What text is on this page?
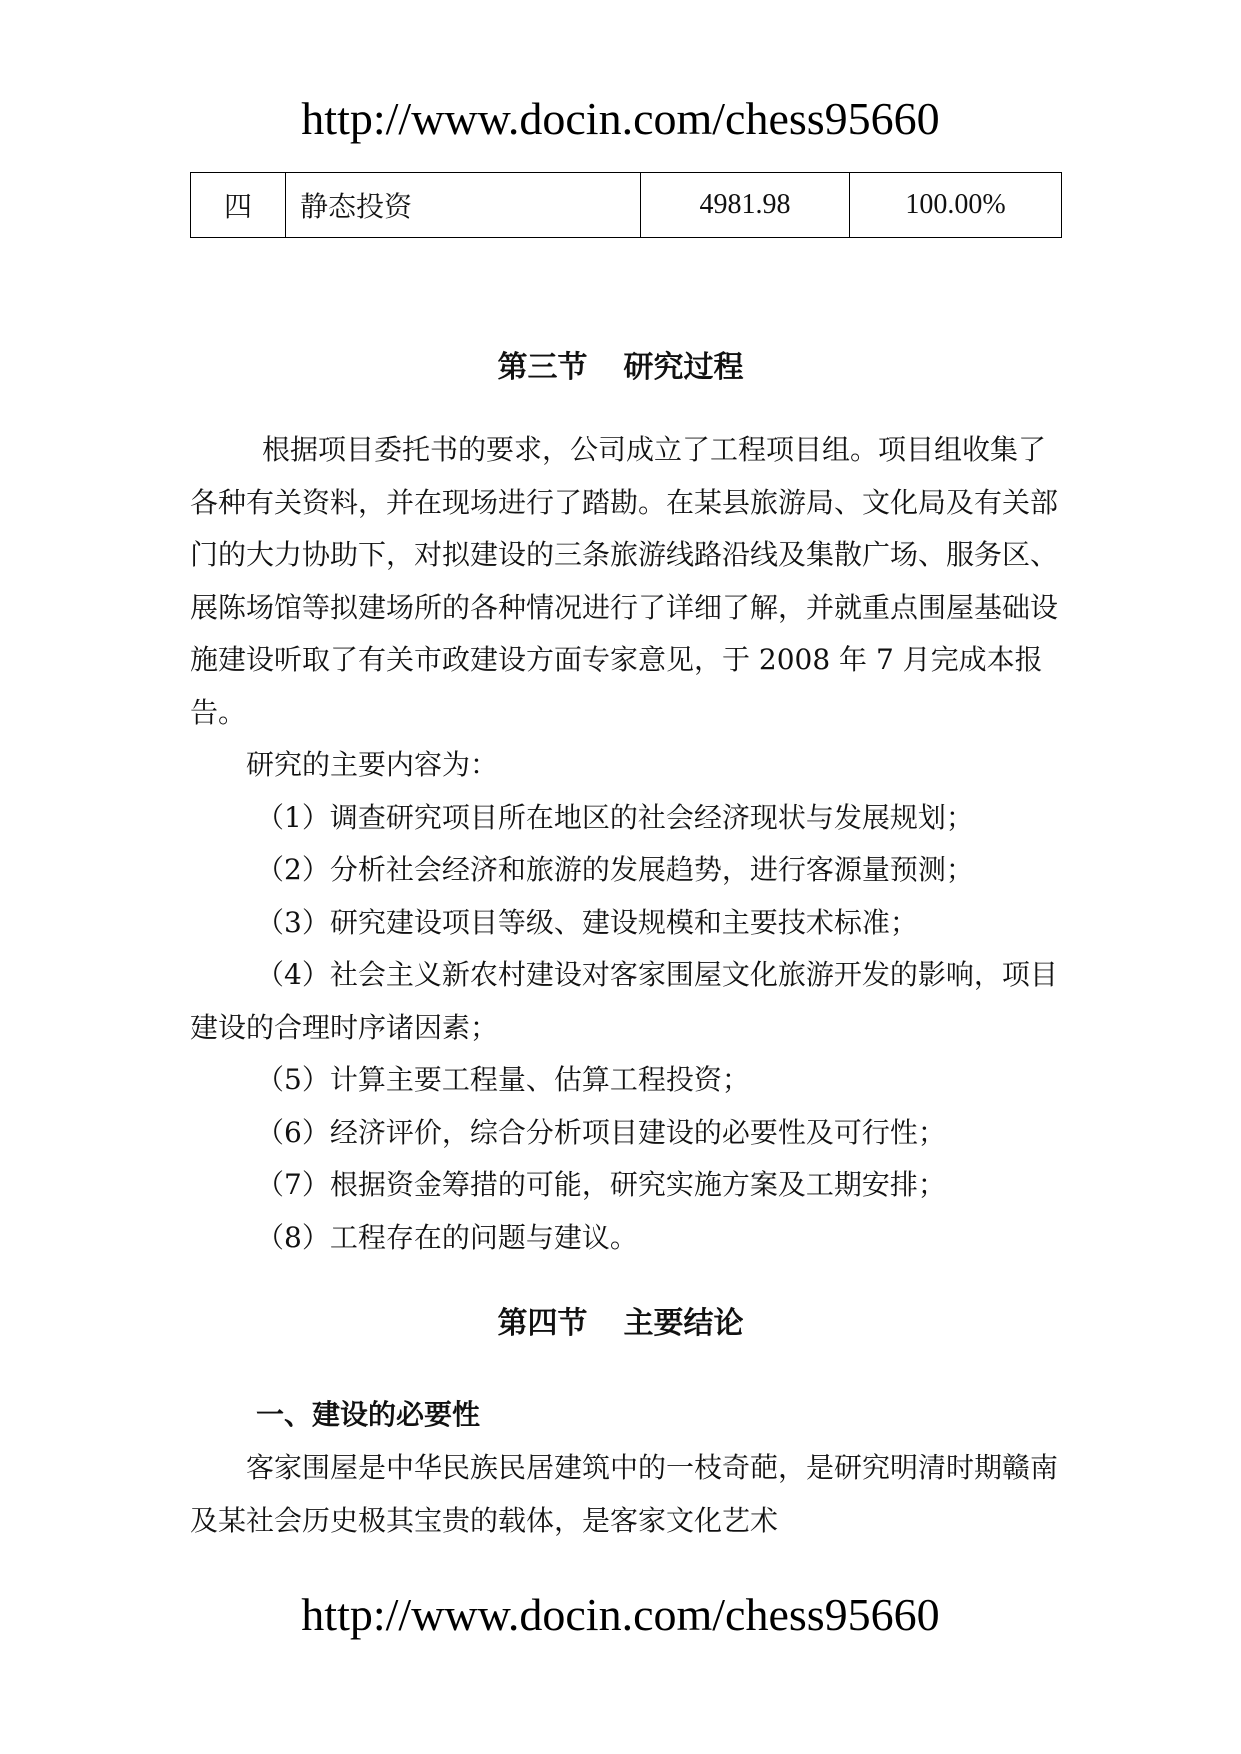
http://www.docin.com/chess95660
四	静态投资	4981.98	100.00%
第三节 研究过程

根据项目委托书的要求，公司成立了工程项目组。项目组收集了各种有关资料，并在现场进行了踏勘。在某县旅游局、文化局及有关部门的大力协助下，对拟建设的三条旅游线路沿线及集散广场、服务区、展陈场馆等拟建场所的各种情况进行了详细了解，并就重点围屋基础设施建设听取了有关市政建设方面专家意见，于 2008 年 7 月完成本报告。

研究的主要内容为：

（1）调查研究项目所在地区的社会经济现状与发展规划；

（2）分析社会经济和旅游的发展趋势，进行客源量预测；

（3）研究建设项目等级、建设规模和主要技术标准；

（4）社会主义新农村建设对客家围屋文化旅游开发的影响，项目建设的合理时序诸因素；

（5）计算主要工程量、估算工程投资；

（6）经济评价，综合分析项目建设的必要性及可行性；

（7）根据资金筹措的可能，研究实施方案及工期安排；

（8）工程存在的问题与建议。

第四节 主要结论
一、建设的必要性

客家围屋是中华民族民居建筑中的一枝奇葩，是研究明清时期赣南及某社会历史极其宝贵的载体，是客家文化艺术

http://www.docin.com/chess95660
